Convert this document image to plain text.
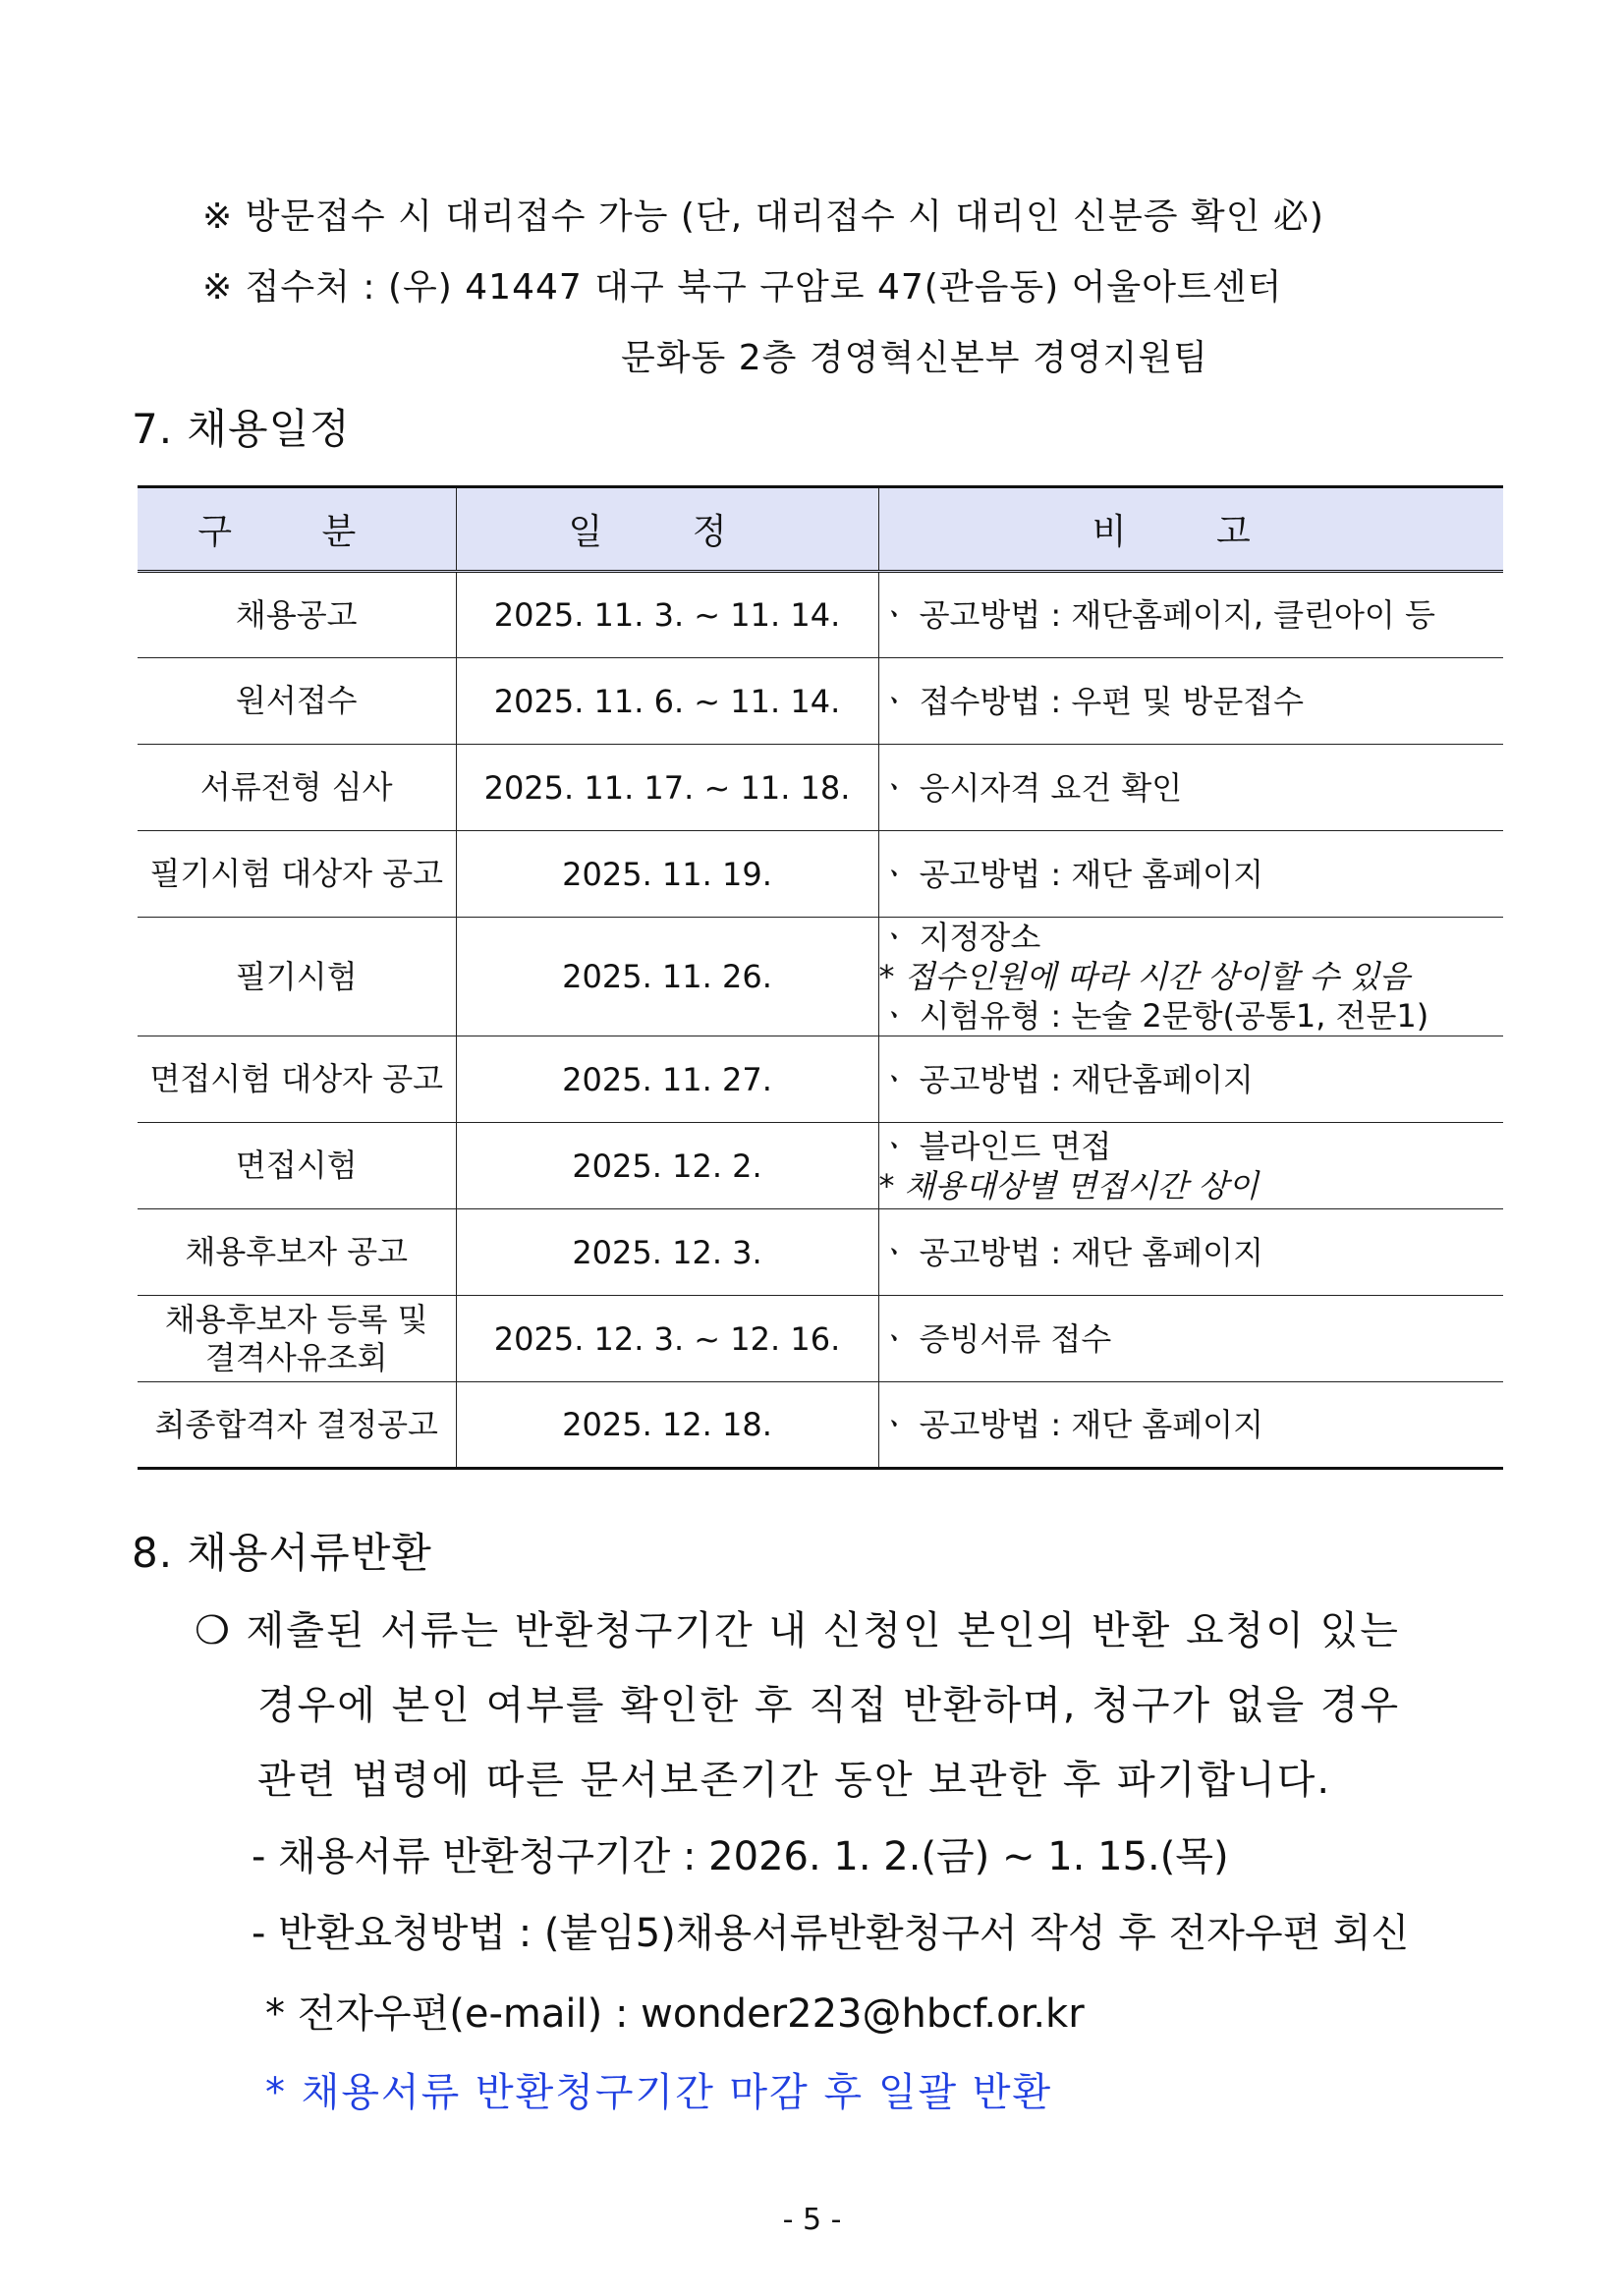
※ 방문접수 시 대리접수 가능 (단, 대리접수 시 대리인 신분증 확인 必)
※ 접수처 : (우) 41447 대구 북구 구암로 47(관음동) 어울아트센터
문화동 2층 경영혁신본부 경영지원팀
7. 채용일정
구 분	일 정	비 고
채용공고	2025. 11. 3. ~ 11. 14.	ㆍ 공고방법 : 재단홈페이지, 클린아이 등
원서접수	2025. 11. 6. ~ 11. 14.	ㆍ 접수방법 : 우편 및 방문접수
서류전형 심사	2025. 11. 17. ~ 11. 18.	ㆍ 응시자격 요건 확인
필기시험 대상자 공고	2025. 11. 19.	ㆍ 공고방법 : 재단 홈페이지
필기시험	2025. 11. 26.	ㆍ 지정장소
* 접수인원에 따라 시간 상이할 수 있음
ㆍ 시험유형 : 논술 2문항(공통1, 전문1)

면접시험 대상자 공고	2025. 11. 27.	ㆍ 공고방법 : 재단홈페이지
면접시험	2025. 12. 2.	ㆍ 블라인드 면접
* 채용대상별 면접시간 상이

채용후보자 공고	2025. 12. 3.	ㆍ 공고방법 : 재단 홈페이지

채용후보자 등록 및
결격사유조회	2025. 12. 3. ~ 12. 16.	ㆍ 증빙서류 접수
최종합격자 결정공고	2025. 12. 18.	ㆍ 공고방법 : 재단 홈페이지
8. 채용서류반환
❍ 제출된 서류는 반환청구기간 내 신청인 본인의 반환 요청이 있는
경우에 본인 여부를 확인한 후 직접 반환하며, 청구가 없을 경우
관련 법령에 따른 문서보존기간 동안 보관한 후 파기합니다.
- 채용서류 반환청구기간 : 2026. 1. 2.(금) ~ 1. 15.(목)
- 반환요청방법 : (붙임5)채용서류반환청구서 작성 후 전자우편 회신
* 전자우편(e-mail) : wonder223@hbcf.or.kr
* 채용서류 반환청구기간 마감 후 일괄 반환
- 5 -
